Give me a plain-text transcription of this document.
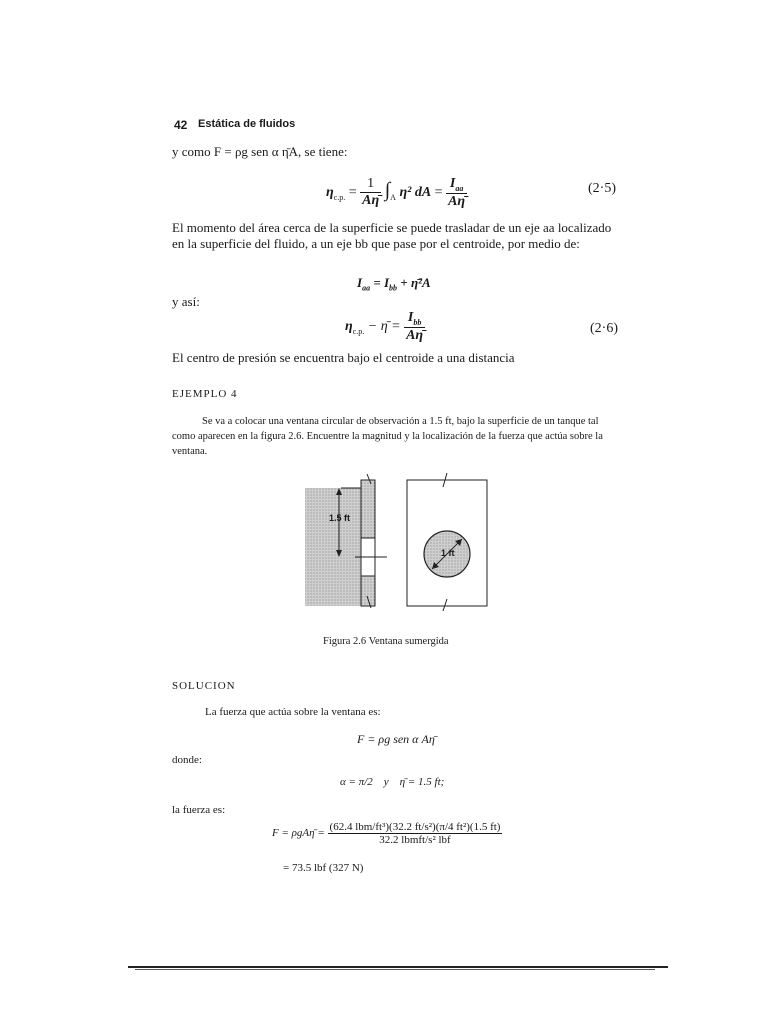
42 Estática de fluidos
y como F = ρg sen α η̄A, se tiene:
$\eta_{c.p.} = \frac{1}{A\etā} \int_A$ η² dA = $\frac{I_{aa}}{A\etā}$	(2·5)
El momento del área cerca de la superficie se puede trasladar de un eje aa localizado en la superficie del fluido, a un eje bb que pase por el centroide, por medio de:
$I_{aa} = I_{bb}$ + η̄²A
y así:
$\eta_{c.p.}$ − η̄ = $\frac{I_{bb}}{A\etā}$	(2·6)
El centro de presión se encuentra bajo el centroide a una distancia
EJEMPLO 4
Se va a colocar una ventana circular de observación a 1.5 ft, bajo la superficie de un tanque tal como aparecen en la figura 2.6. Encuentre la magnitud y la localización de la fuerza que actúa sobre la ventana.
1.5 ft
1 ft
Figura 2.6 Ventana sumergida
SOLUCION
La fuerza que actúa sobre la ventana es:
F = ρg sen α Aη̄
donde:
α = π/2    y    η̄ = 1.5 ft;
la fuerza es:
F = ρgAη̄ = $\frac{\text{(62.4 lbm/ft³)(32.2 ft/s²)(π/4 ft²)(1.5 ft)}}{\text{32.2 lbmft/s² lbf}}$
= 73.5 lbf (327 N)
